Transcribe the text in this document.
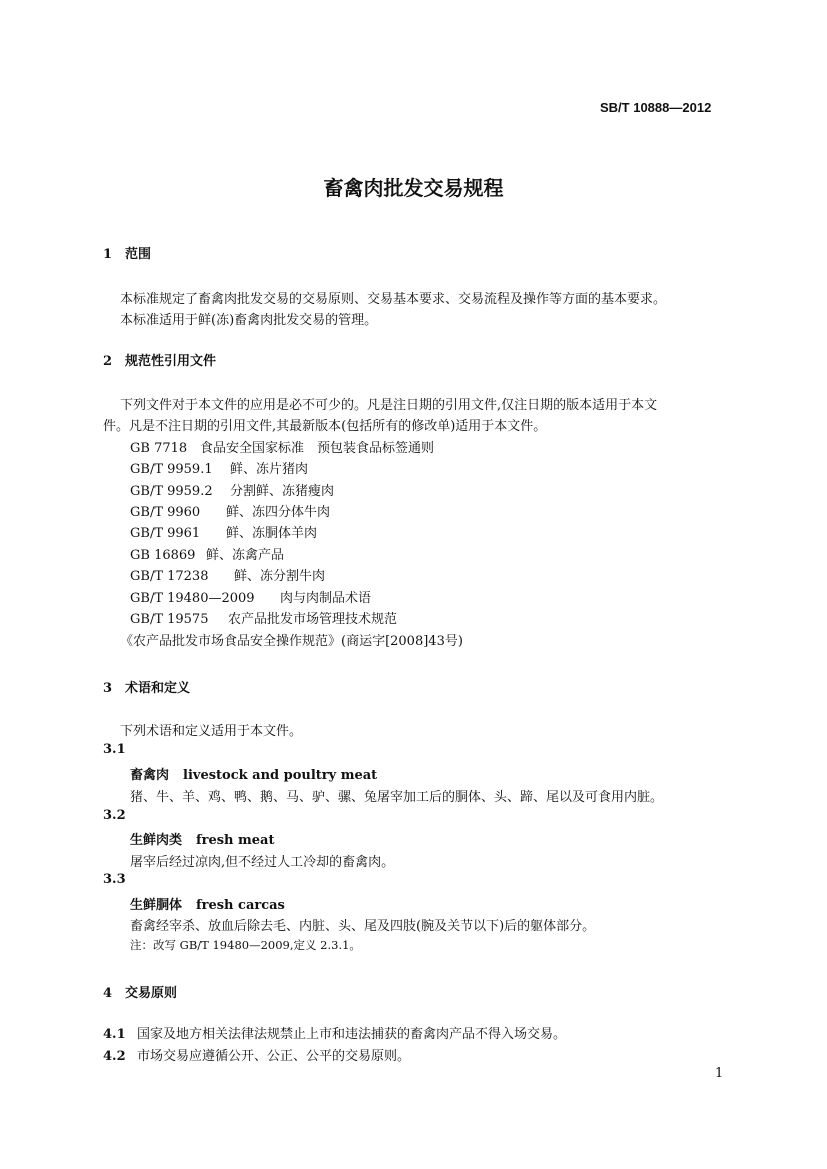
SB/T 10888—2012
畜禽肉批发交易规程
1 范围
本标准规定了畜禽肉批发交易的交易原则、交易基本要求、交易流程及操作等方面的基本要求。
本标准适用于鲜(冻)畜禽肉批发交易的管理。
2 规范性引用文件
下列文件对于本文件的应用是必不可少的。凡是注日期的引用文件,仅注日期的版本适用于本文
件。凡是不注日期的引用文件,其最新版本(包括所有的修改单)适用于本文件。
GB 7718 食品安全国家标准　预包装食品标签通则
GB/T 9959.1 鲜、冻片猪肉
GB/T 9959.2 分割鲜、冻猪瘦肉
GB/T 9960 鲜、冻四分体牛肉
GB/T 9961 鲜、冻胴体羊肉
GB 16869 鲜、冻禽产品
GB/T 17238 鲜、冻分割牛肉
GB/T 19480—2009 肉与肉制品术语
GB/T 19575 农产品批发市场管理技术规范
《农产品批发市场食品安全操作规范》(商运字[2008]43号)
3 术语和定义
下列术语和定义适用于本文件。
3.1
畜禽肉 livestock and poultry meat
猪、牛、羊、鸡、鸭、鹅、马、驴、骡、兔屠宰加工后的胴体、头、蹄、尾以及可食用内脏。
3.2
生鲜肉类 fresh meat
屠宰后经过凉肉,但不经过人工冷却的畜禽肉。
3.3
生鲜胴体 fresh carcas
畜禽经宰杀、放血后除去毛、内脏、头、尾及四肢(腕及关节以下)后的躯体部分。
注：改写 GB/T 19480—2009,定义 2.3.1。
4 交易原则
4.1 国家及地方相关法律法规禁止上市和违法捕获的畜禽肉产品不得入场交易。
4.2 市场交易应遵循公开、公正、公平的交易原则。
1
